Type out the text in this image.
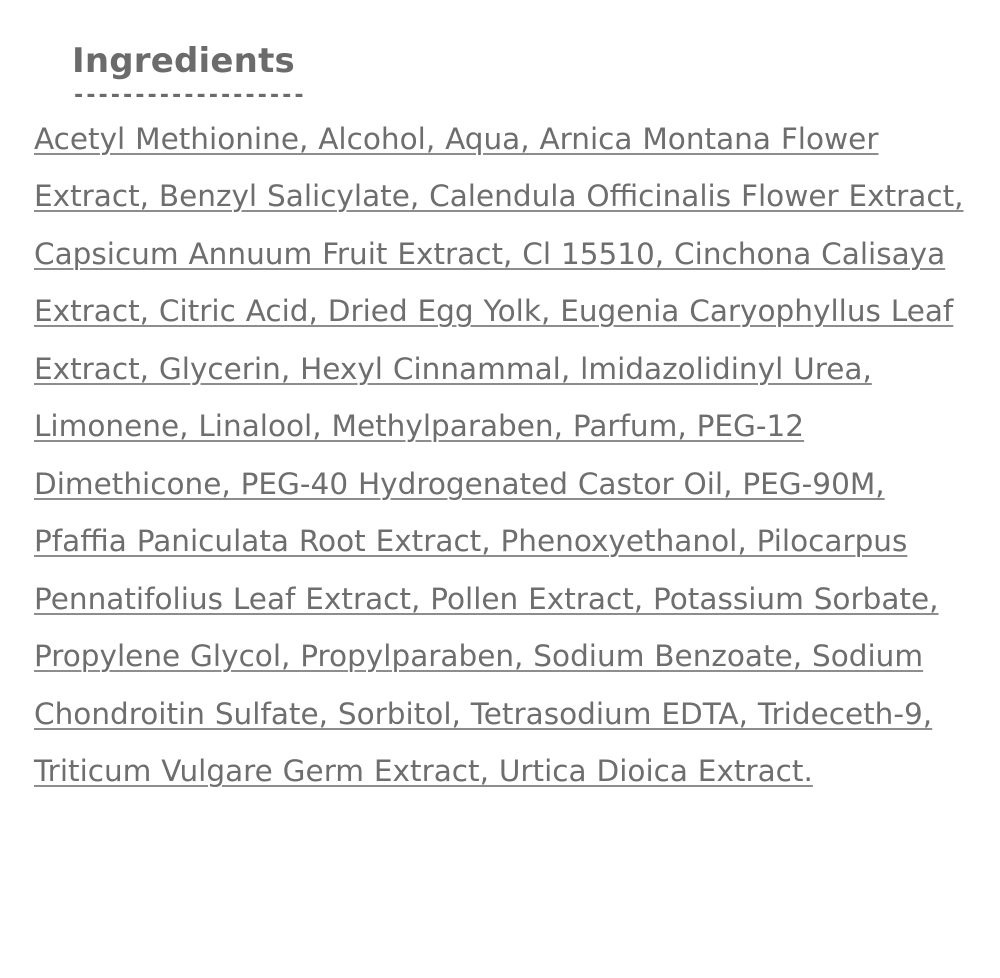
Ingredients
-------------------

Acetyl Methionine, Alcohol, Aqua, Arnica Montana Flower Extract, Benzyl Salicylate, Calendula Officinalis Flower Extract, Capsicum Annuum Fruit Extract, Cl 15510, Cinchona Calisaya Extract, Citric Acid, Dried Egg Yolk, Eugenia Caryophyllus Leaf Extract, Glycerin, Hexyl Cinnammal, lmidazolidinyl Urea, Limonene, Linalool, Methylparaben, Parfum, PEG-12 Dimethicone, PEG-40 Hydrogenated Castor Oil, PEG-90M, Pfaffia Paniculata Root Extract, Phenoxyethanol, Pilocarpus Pennatifolius Leaf Extract, Pollen Extract, Potassium Sorbate, Propylene Glycol, Propylparaben, Sodium Benzoate, Sodium Chondroitin Sulfate, Sorbitol, Tetrasodium EDTA, Trideceth-9, Triticum Vulgare Germ Extract, Urtica Dioica Extract.
